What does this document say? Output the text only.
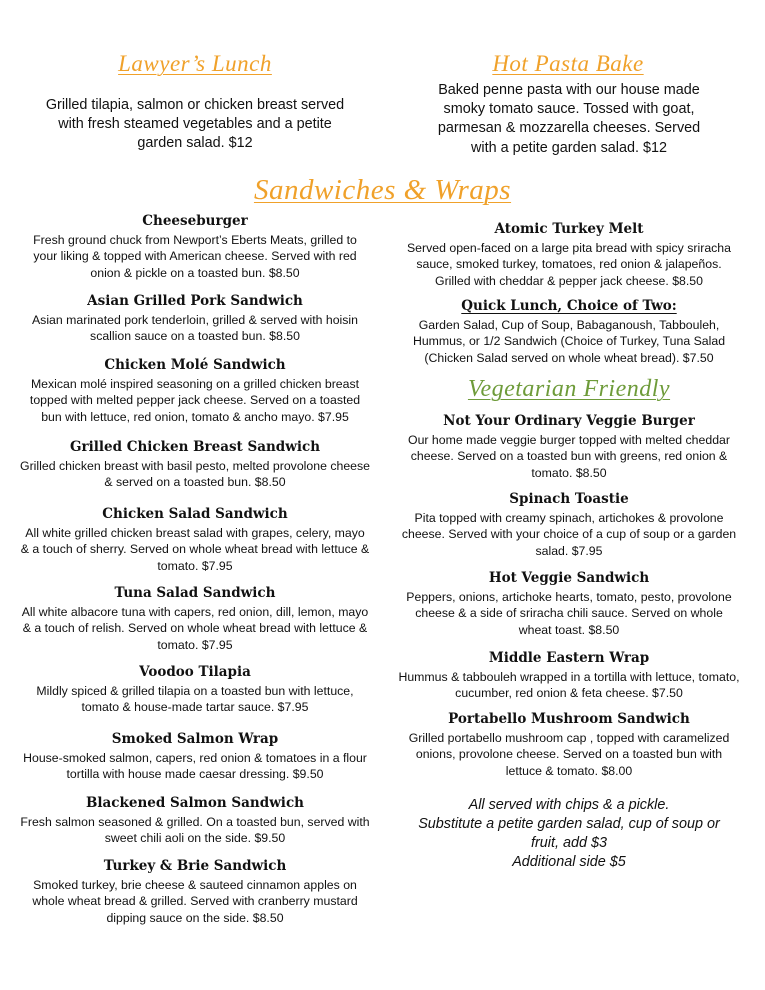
Lawyer’s Lunch

Grilled tilapia, salmon or chicken breast served with fresh steamed vegetables and a petite garden salad. $12

Hot Pasta Bake

Baked penne pasta with our house made smoky tomato sauce. Tossed with goat, parmesan & mozzarella cheeses. Served with a petite garden salad. $12

Sandwiches & Wraps
Cheeseburger

Fresh ground chuck from Newport’s Eberts Meats, grilled to your liking & topped with American cheese. Served with red onion & pickle on a toasted bun. $8.50

Asian Grilled Pork Sandwich

Asian marinated pork tenderloin, grilled & served with hoisin scallion sauce on a toasted bun. $8.50

Chicken Molé Sandwich

Mexican molé inspired seasoning on a grilled chicken breast topped with melted pepper jack cheese. Served on a toasted bun with lettuce, red onion, tomato & ancho mayo. $7.95

Grilled Chicken Breast Sandwich

Grilled chicken breast with basil pesto, melted provolone cheese & served on a toasted bun. $8.50

Chicken Salad Sandwich

All white grilled chicken breast salad with grapes, celery, mayo & a touch of sherry. Served on whole wheat bread with lettuce & tomato. $7.95

Tuna Salad Sandwich

All white albacore tuna with capers, red onion, dill, lemon, mayo & a touch of relish. Served on whole wheat bread with lettuce & tomato. $7.95

Voodoo Tilapia

Mildly spiced & grilled tilapia on a toasted bun with lettuce, tomato & house-made tartar sauce. $7.95

Smoked Salmon Wrap

House-smoked salmon, capers, red onion & tomatoes in a flour tortilla with house made caesar dressing. $9.50

Blackened Salmon Sandwich

Fresh salmon seasoned & grilled. On a toasted bun, served with sweet chili aoli on the side. $9.50

Turkey & Brie Sandwich

Smoked turkey, brie cheese & sauteed cinnamon apples on whole wheat bread & grilled. Served with cranberry mustard dipping sauce on the side. $8.50

Atomic Turkey Melt

Served open-faced on a large pita bread with spicy sriracha sauce, smoked turkey, tomatoes, red onion & jalapeños. Grilled with cheddar & pepper jack cheese. $8.50

Quick Lunch, Choice of Two:

Garden Salad, Cup of Soup, Babaganoush, Tabbouleh, Hummus, or 1/2 Sandwich (Choice of Turkey, Tuna Salad (Chicken Salad served on whole wheat bread). $7.50

Vegetarian Friendly
Not Your Ordinary Veggie Burger

Our home made veggie burger topped with melted cheddar cheese. Served on a toasted bun with greens, red onion & tomato. $8.50

Spinach Toastie

Pita topped with creamy spinach, artichokes & provolone cheese. Served with your choice of a cup of soup or a garden salad. $7.95

Hot Veggie Sandwich

Peppers, onions, artichoke hearts, tomato, pesto, provolone cheese & a side of sriracha chili sauce. Served on whole wheat toast. $8.50

Middle Eastern Wrap

Hummus & tabbouleh wrapped in a tortilla with lettuce, tomato, cucumber, red onion & feta cheese. $7.50

Portabello Mushroom Sandwich

Grilled portabello mushroom cap , topped with caramelized onions, provolone cheese. Served on a toasted bun with lettuce & tomato. $8.00

All served with chips & a pickle.

Substitute a petite garden salad, cup of soup or fruit, add $3

Additional side $5
